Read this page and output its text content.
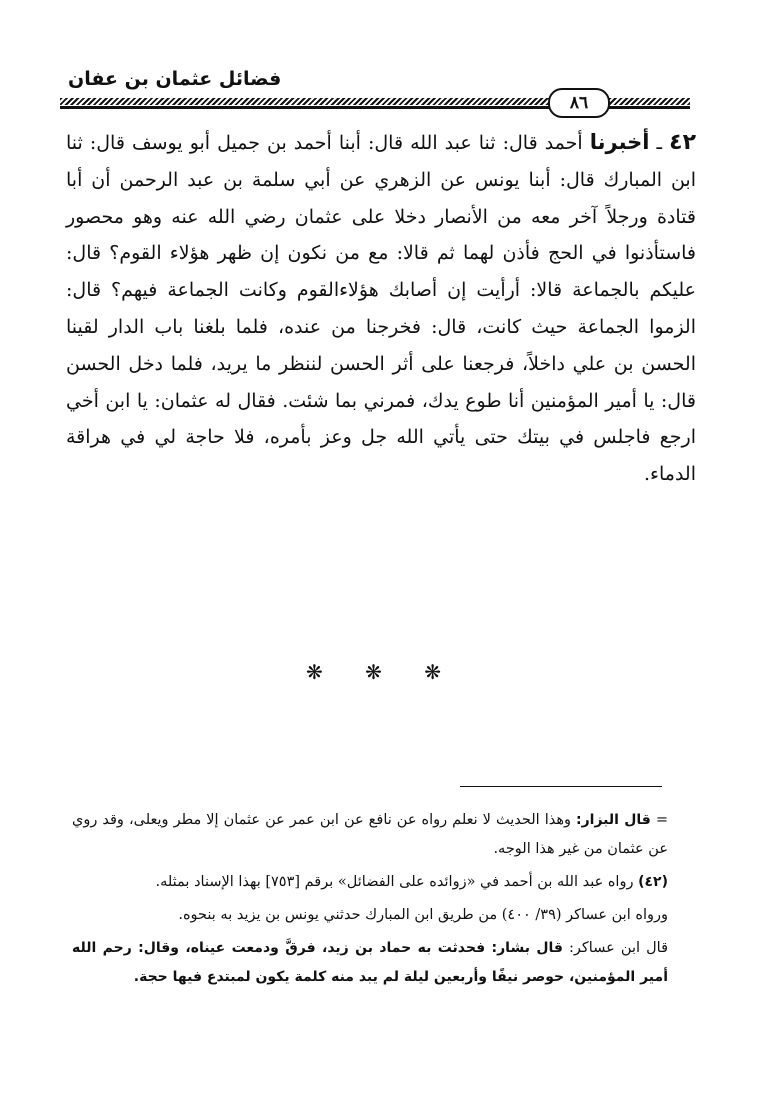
فضائل عثمان بن عفان
٨٦
٤٢ ـ أخبرنا أحمد قال: ثنا عبد الله قال: أبنا أحمد بن جميل أبو يوسف قال: ثنا ابن المبارك قال: أبنا يونس عن الزهري عن أبي سلمة بن عبد الرحمن أن أبا قتادة ورجلاً آخر معه من الأنصار دخلا على عثمان رضي الله عنه وهو محصور فاستأذنوا في الحج فأذن لهما ثم قالا: مع من نكون إن ظهر هؤلاء القوم؟ قال: عليكم بالجماعة قالا: أرأيت إن أصابك هؤلاءالقوم وكانت الجماعة فيهم؟ قال: الزموا الجماعة حيث كانت، قال: فخرجنا من عنده، فلما بلغنا باب الدار لقينا الحسن بن علي داخلاً، فرجعنا على أثر الحسن لننظر ما يريد، فلما دخل الحسن قال: يا أمير المؤمنين أنا طوع يدك، فمرني بما شئت. فقال له عثمان: يا ابن أخي ارجع فاجلس في بيتك حتى يأتي الله جل وعز بأمره، فلا حاجة لي في هراقة الدماء.
❋ ❋ ❋

= قال البزار: وهذا الحديث لا نعلم رواه عن نافع عن ابن عمر عن عثمان إلا مطر ويعلى، وقد روي عن عثمان من غير هذا الوجه.

(٤٢) رواه عبد الله بن أحمد في «زوائده على الفضائل» برقم [٧٥٣] بهذا الإسناد بمثله.

ورواه ابن عساكر (٣٩/ ٤٠٠) من طريق ابن المبارك حدثني يونس بن يزيد به بنحوه.

قال ابن عساكر: قال بشار: فحدثت به حماد بن زيد، فرقَّ ودمعت عيناه، وقال: رحم الله أمير المؤمنين، حوصر نيفًا وأربعين ليلة لم يبد منه كلمة يكون لمبتدع فيها حجة.
